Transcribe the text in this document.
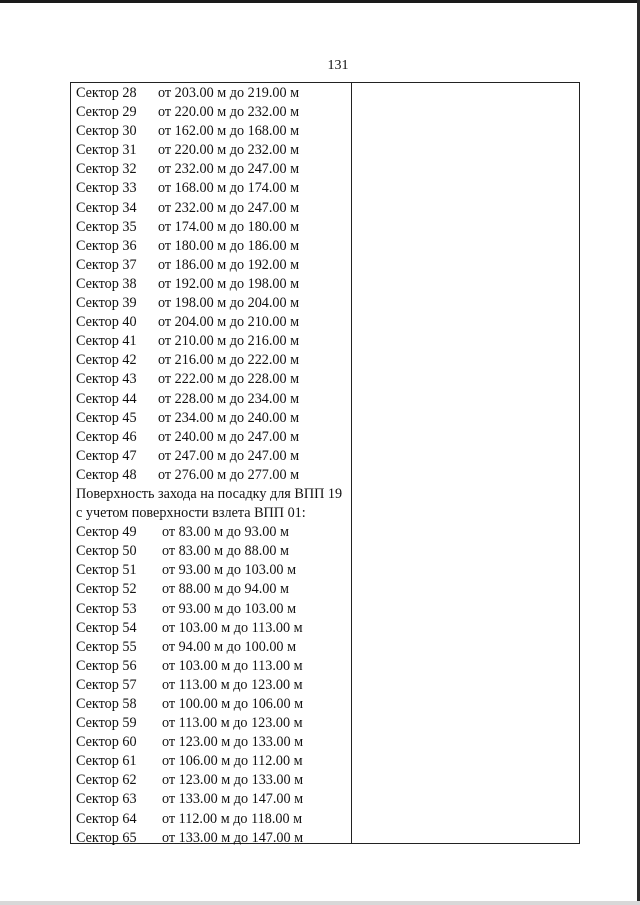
131
Сектор 28 от 203.00 м до 219.00 м
Сектор 29 от 220.00 м до 232.00 м
Сектор 30 от 162.00 м до 168.00 м
Сектор 31 от 220.00 м до 232.00 м
Сектор 32 от 232.00 м до 247.00 м
Сектор 33 от 168.00 м до 174.00 м
Сектор 34 от 232.00 м до 247.00 м
Сектор 35 от 174.00 м до 180.00 м
Сектор 36 от 180.00 м до 186.00 м
Сектор 37 от 186.00 м до 192.00 м
Сектор 38 от 192.00 м до 198.00 м
Сектор 39 от 198.00 м до 204.00 м
Сектор 40 от 204.00 м до 210.00 м
Сектор 41 от 210.00 м до 216.00 м
Сектор 42 от 216.00 м до 222.00 м
Сектор 43 от 222.00 м до 228.00 м
Сектор 44 от 228.00 м до 234.00 м
Сектор 45 от 234.00 м до 240.00 м
Сектор 46 от 240.00 м до 247.00 м
Сектор 47 от 247.00 м до 247.00 м
Сектор 48 от 276.00 м до 277.00 м
Поверхность захода на посадку для ВПП 19
с учетом поверхности взлета ВПП 01:
Сектор 49 от 83.00 м до 93.00 м
Сектор 50 от 83.00 м до 88.00 м
Сектор 51 от 93.00 м до 103.00 м
Сектор 52 от 88.00 м до 94.00 м
Сектор 53 от 93.00 м до 103.00 м
Сектор 54 от 103.00 м до 113.00 м
Сектор 55 от 94.00 м до 100.00 м
Сектор 56 от 103.00 м до 113.00 м
Сектор 57 от 113.00 м до 123.00 м
Сектор 58 от 100.00 м до 106.00 м
Сектор 59 от 113.00 м до 123.00 м
Сектор 60 от 123.00 м до 133.00 м
Сектор 61 от 106.00 м до 112.00 м
Сектор 62 от 123.00 м до 133.00 м
Сектор 63 от 133.00 м до 147.00 м
Сектор 64 от 112.00 м до 118.00 м
Сектор 65 от 133.00 м до 147.00 м
